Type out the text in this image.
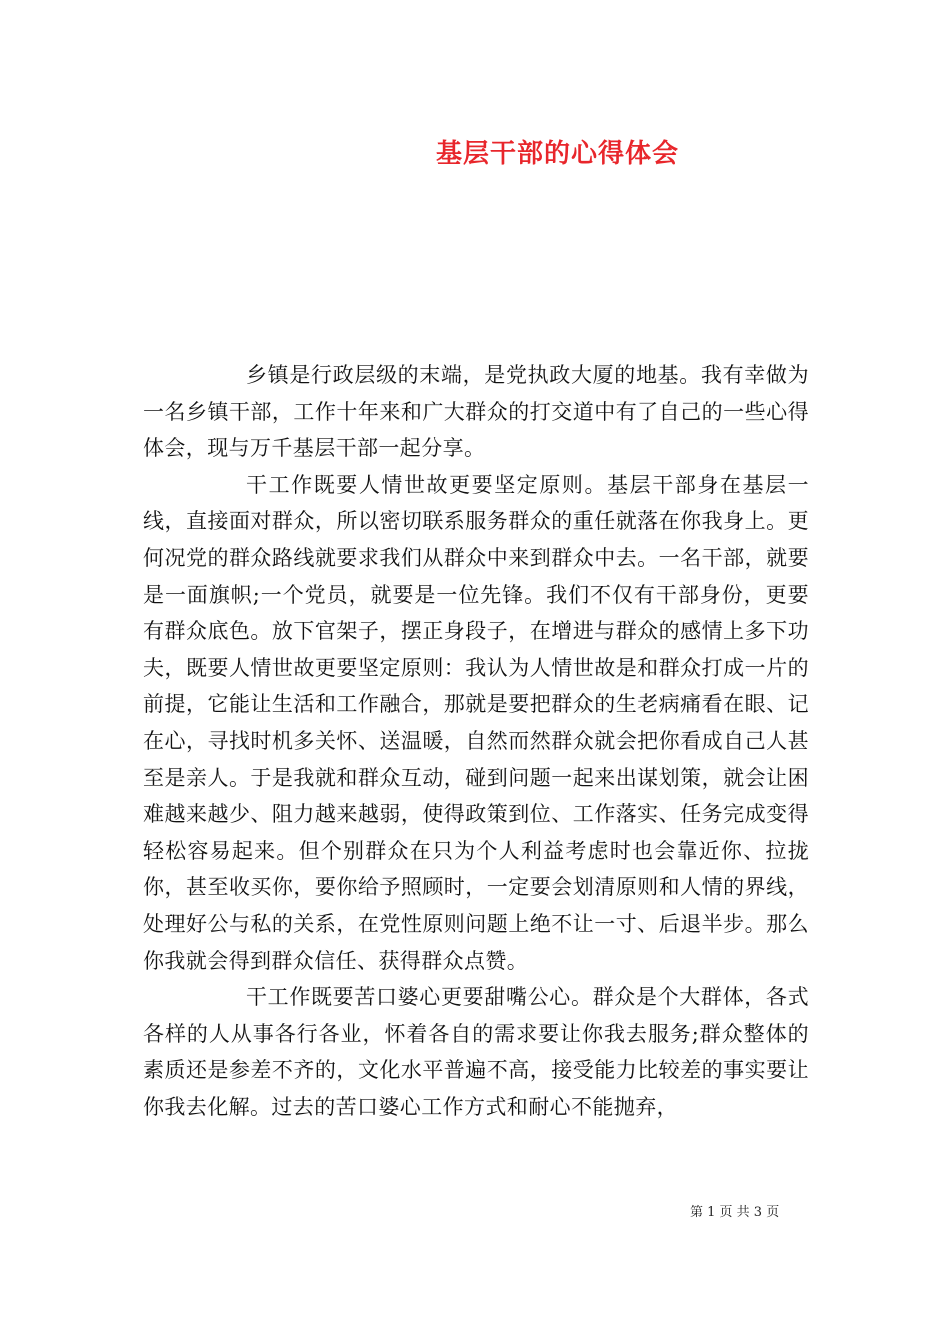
基层干部的心得体会

乡镇是行政层级的末端，是党执政大厦的地基。我有幸做为一名乡镇干部，工作十年来和广大群众的打交道中有了自己的一些心得体会，现与万千基层干部一起分享。

干工作既要人情世故更要坚定原则。基层干部身在基层一线，直接面对群众，所以密切联系服务群众的重任就落在你我身上。更何况党的群众路线就要求我们从群众中来到群众中去。一名干部，就要是一面旗帜;一个党员，就要是一位先锋。我们不仅有干部身份，更要有群众底色。放下官架子，摆正身段子，在增进与群众的感情上多下功夫，既要人情世故更要坚定原则：我认为人情世故是和群众打成一片的前提，它能让生活和工作融合，那就是要把群众的生老病痛看在眼、记在心，寻找时机多关怀、送温暖，自然而然群众就会把你看成自己人甚至是亲人。于是我就和群众互动，碰到问题一起来出谋划策，就会让困难越来越少、阻力越来越弱，使得政策到位、工作落实、任务完成变得轻松容易起来。但个别群众在只为个人利益考虑时也会靠近你、拉拢你，甚至收买你，要你给予照顾时，一定要会划清原则和人情的界线，处理好公与私的关系，在党性原则问题上绝不让一寸、后退半步。那么你我就会得到群众信任、获得群众点赞。

干工作既要苦口婆心更要甜嘴公心。群众是个大群体，各式各样的人从事各行各业，怀着各自的需求要让你我去服务;群众整体的素质还是参差不齐的，文化水平普遍不高，接受能力比较差的事实要让你我去化解。过去的苦口婆心工作方式和耐心不能抛弃，

第 1 页 共 3 页
